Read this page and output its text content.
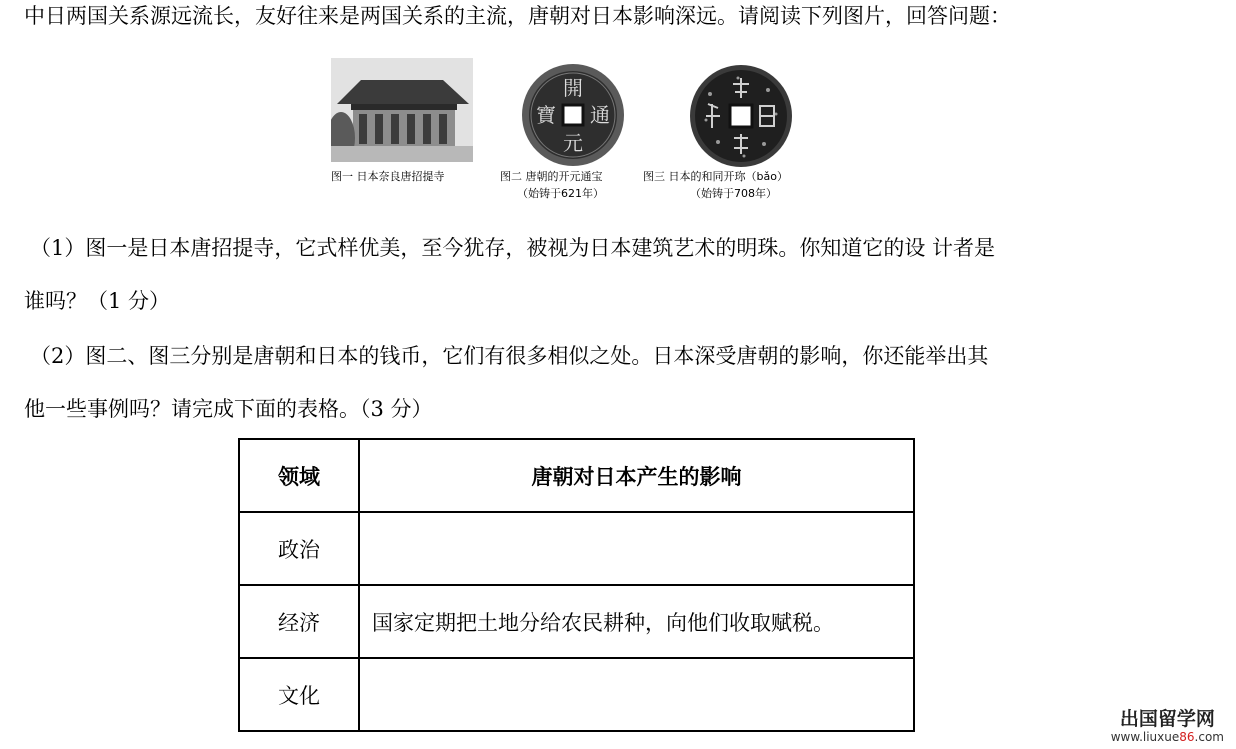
中日两国关系源远流长，友好往来是两国关系的主流，唐朝对日本影响深远。请阅读下列图片，回答问题：
图一 日本奈良唐招提寺
開
元
通
寶
图二 唐朝的开元通宝
（始铸于621年）
图三 日本的和同开珎（bǎo）
（始铸于708年）
（1）图一是日本唐招提寺，它式样优美，至今犹存，被视为日本建筑艺术的明珠。你知道它的设 计者是
谁吗？（1 分）
（2）图二、图三分别是唐朝和日本的钱币，它们有很多相似之处。日本深受唐朝的影响，你还能举出其
他一些事例吗？请完成下面的表格。（3 分）
领域	唐朝对日本产生的影响
政治	
经济	国家定期把土地分给农民耕种，向他们收取赋税。
文化	
出国留学网
www.liuxue86.com
